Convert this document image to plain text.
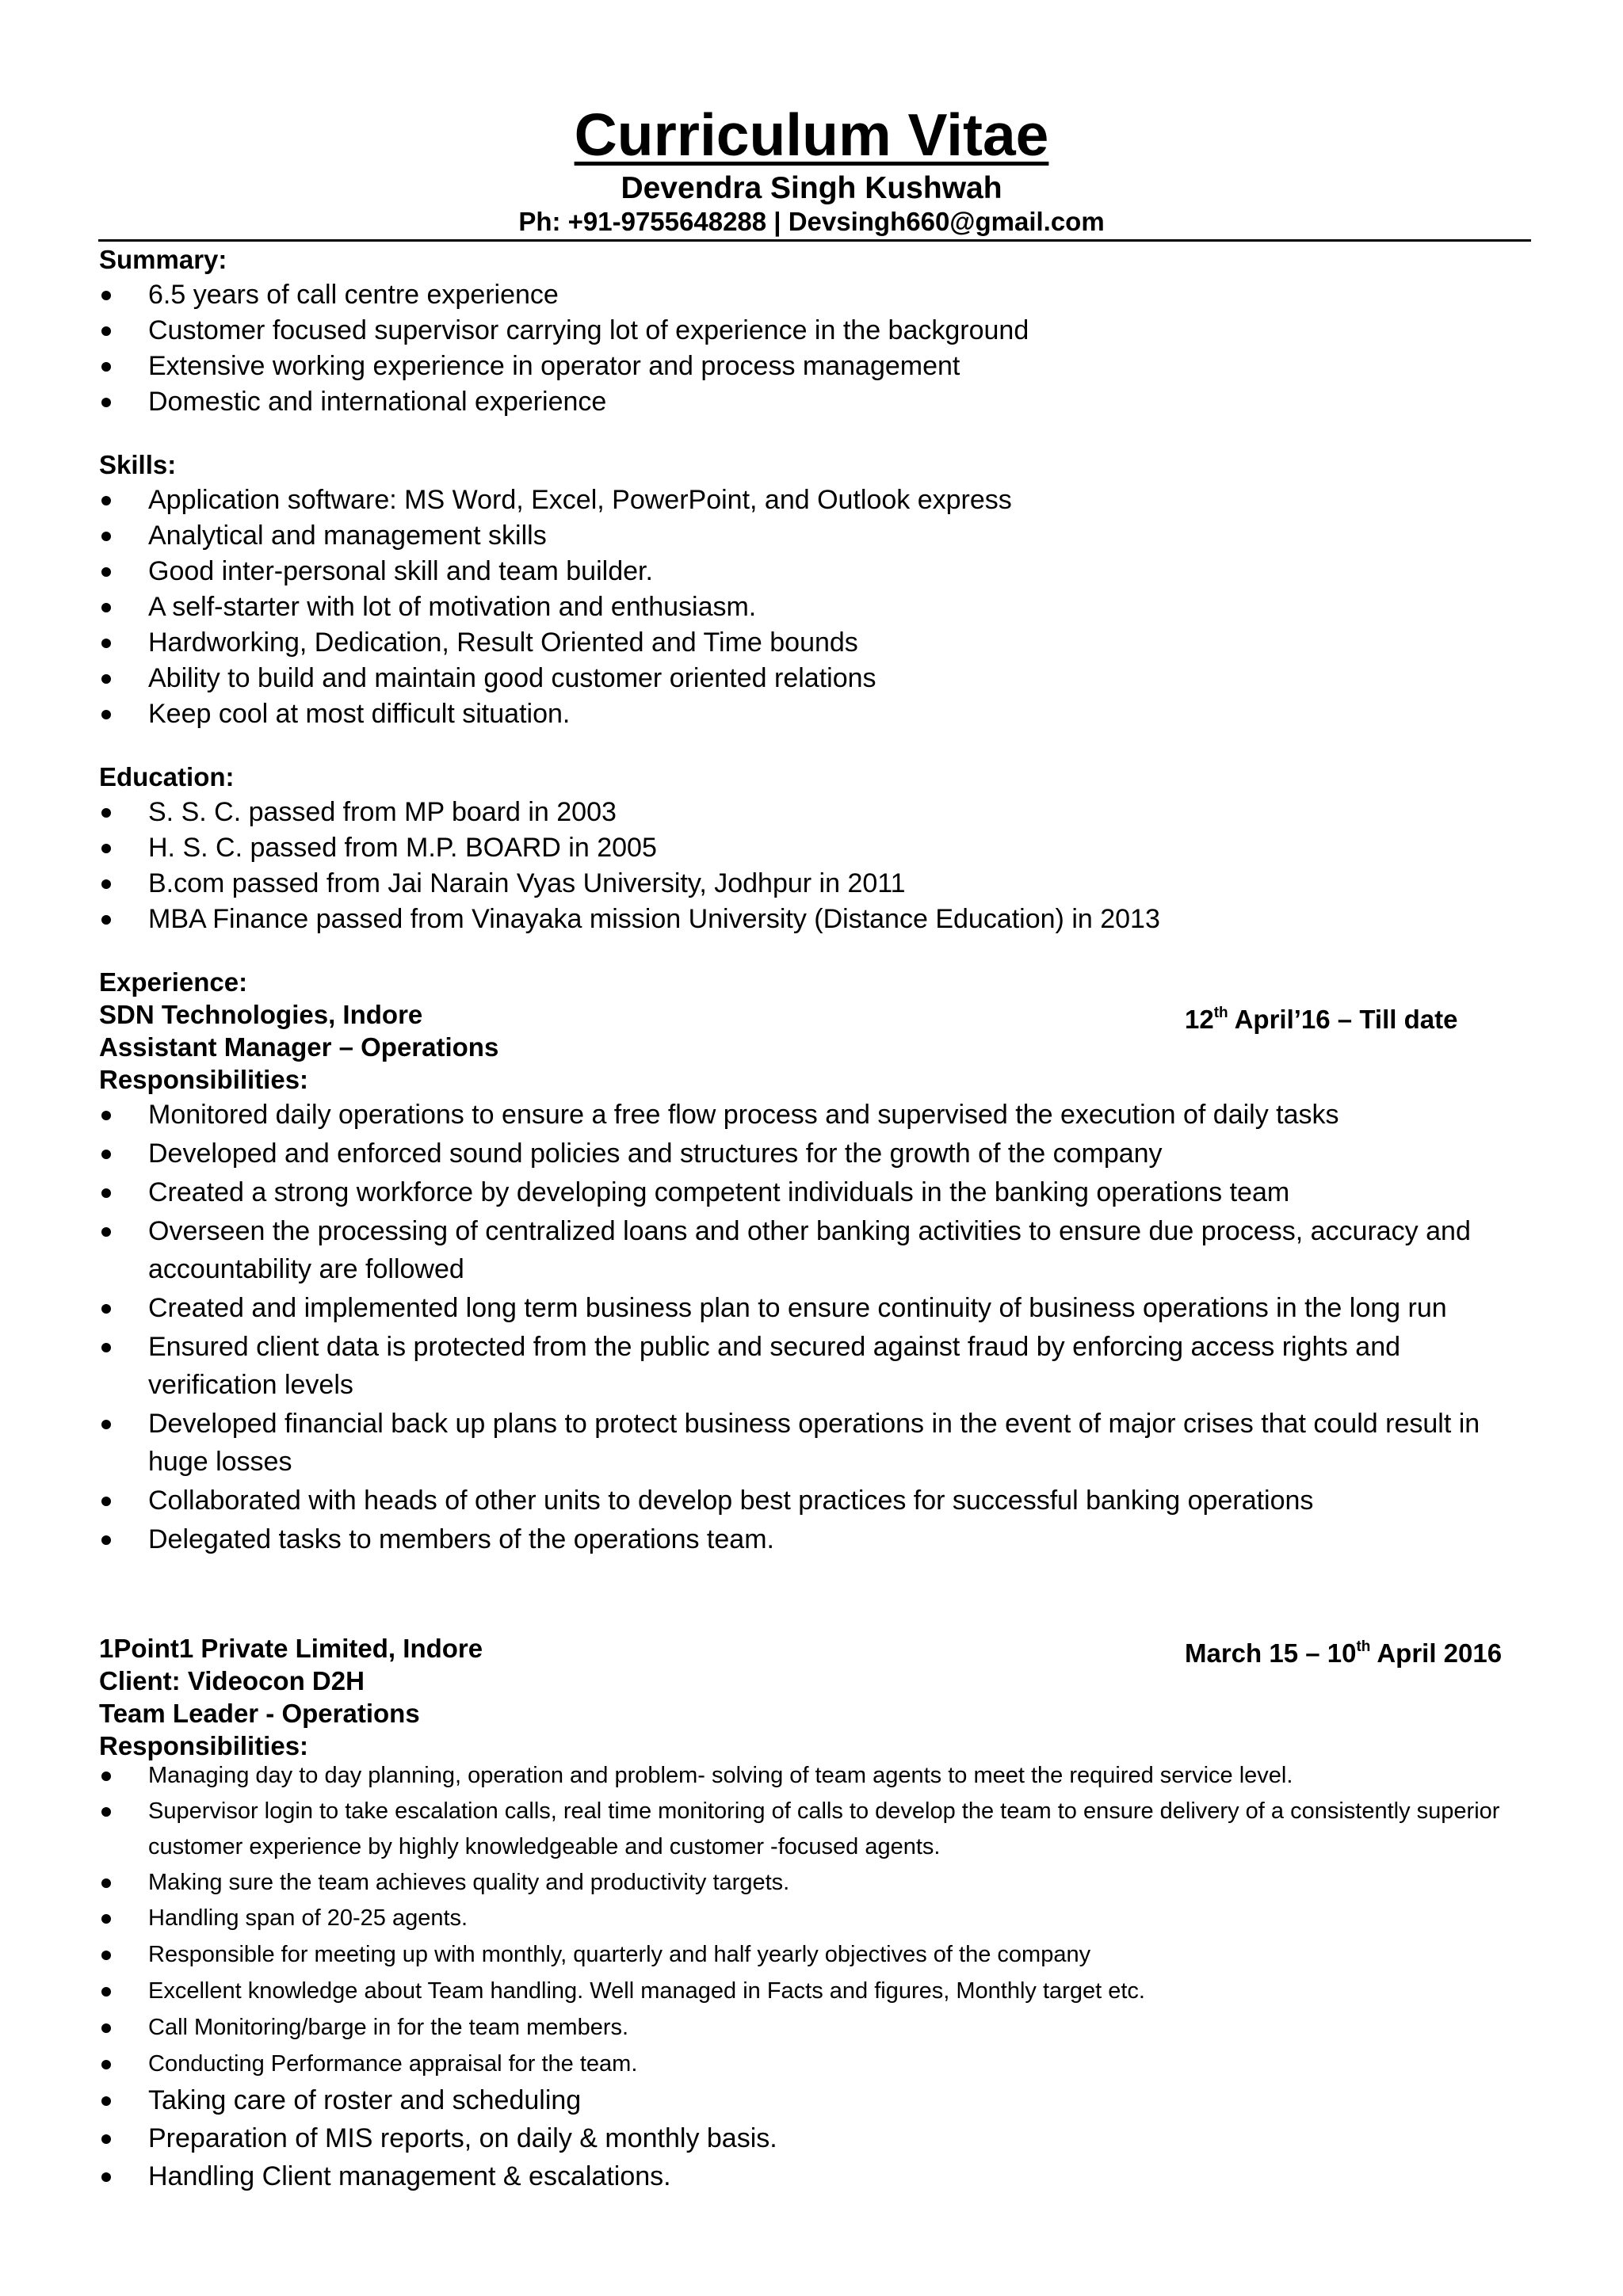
Curriculum Vitae
Devendra Singh Kushwah
Ph: +91-9755648288 | Devsingh660@gmail.com
Summary:
6.5 years of call centre experience
Customer focused supervisor carrying lot of experience in the background
Extensive working experience in operator and process management
Domestic and international experience
Skills:
Application software: MS Word, Excel, PowerPoint, and Outlook express
Analytical and management skills
Good inter-personal skill and team builder.
A self-starter with lot of motivation and enthusiasm.
Hardworking, Dedication, Result Oriented and Time bounds
Ability to build and maintain good customer oriented relations
Keep cool at most difficult situation.
Education:
S. S. C. passed from MP board in 2003
H. S. C. passed from M.P. BOARD in 2005
B.com passed from Jai Narain Vyas University, Jodhpur in 2011
MBA Finance passed from Vinayaka mission University (Distance Education) in 2013
Experience:
SDN Technologies, Indore	12th April’16 – Till date
Assistant Manager – Operations
Responsibilities:
Monitored daily operations to ensure a free flow process and supervised the execution of daily tasks
Developed and enforced sound policies and structures for the growth of the company
Created a strong workforce by developing competent individuals in the banking operations team
Overseen the processing of centralized loans and other banking activities to ensure due process, accuracy and accountability are followed
Created and implemented long term business plan to ensure continuity of business operations in the long run
Ensured client data is protected from the public and secured against fraud by enforcing access rights and verification levels
Developed financial back up plans to protect business operations in the event of major crises that could result in huge losses
Collaborated with heads of other units to develop best practices for successful banking operations
Delegated tasks to members of the operations team.
1Point1 Private Limited, Indore	March 15 – 10th April 2016
Client: Videocon D2H
Team Leader - Operations
Responsibilities:
Managing day to day planning, operation and problem- solving of team agents to meet the required service level.
Supervisor login to take escalation calls, real time monitoring of calls to develop the team to ensure delivery of a consistently superior customer experience by highly knowledgeable and customer -focused agents.
Making sure the team achieves quality and productivity targets.
Handling span of 20-25 agents.
Responsible for meeting up with monthly, quarterly and half yearly objectives of the company
Excellent knowledge about Team handling. Well managed in Facts and figures, Monthly target etc.
Call Monitoring/barge in for the team members.
Conducting Performance appraisal for the team.
Taking care of roster and scheduling
Preparation of MIS reports, on daily & monthly basis.
Handling Client management & escalations.
